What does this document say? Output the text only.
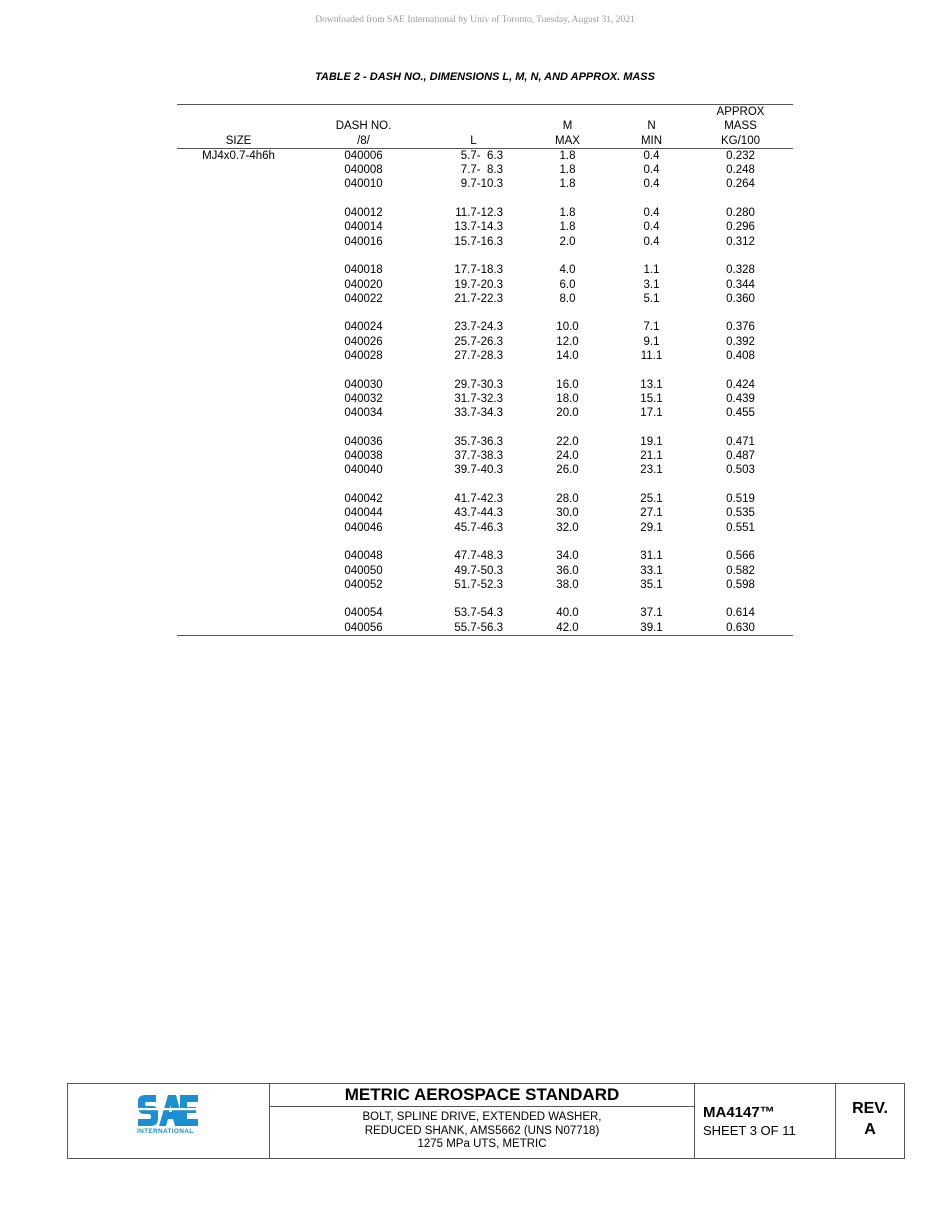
Downloaded from SAE International by Univ of Toronto, Tuesday, August 31, 2021
TABLE 2 - DASH NO., DIMENSIONS L, M, N, AND APPROX. MASS
					APPROX
	DASH NO.		M	N	MASS
SIZE	/8/	L	MAX	MIN	KG/100
MJ4x0.7-4h6h	040006	5.7-  6.3	1.8	0.4	0.232
	040008	7.7-  8.3	1.8	0.4	0.248
	040010	9.7-10.3	1.8	0.4	0.264

	040012	11.7-12.3	1.8	0.4	0.280
	040014	13.7-14.3	1.8	0.4	0.296
	040016	15.7-16.3	2.0	0.4	0.312

	040018	17.7-18.3	4.0	1.1	0.328
	040020	19.7-20.3	6.0	3.1	0.344
	040022	21.7-22.3	8.0	5.1	0.360

	040024	23.7-24.3	10.0	7.1	0.376
	040026	25.7-26.3	12.0	9.1	0.392
	040028	27.7-28.3	14.0	11.1	0.408

	040030	29.7-30.3	16.0	13.1	0.424
	040032	31.7-32.3	18.0	15.1	0.439
	040034	33.7-34.3	20.0	17.1	0.455

	040036	35.7-36.3	22.0	19.1	0.471
	040038	37.7-38.3	24.0	21.1	0.487
	040040	39.7-40.3	26.0	23.1	0.503

	040042	41.7-42.3	28.0	25.1	0.519
	040044	43.7-44.3	30.0	27.1	0.535
	040046	45.7-46.3	32.0	29.1	0.551

	040048	47.7-48.3	34.0	31.1	0.566
	040050	49.7-50.3	36.0	33.1	0.582
	040052	51.7-52.3	38.0	35.1	0.598

	040054	53.7-54.3	40.0	37.1	0.614
	040056	55.7-56.3	42.0	39.1	0.630
INTERNATIONAL
METRIC AEROSPACE STANDARD
BOLT, SPLINE DRIVE, EXTENDED WASHER,
REDUCED SHANK, AMS5662 (UNS N07718)
1275 MPa UTS, METRIC
MA4147™
SHEET 3 OF 11
REV.
A
